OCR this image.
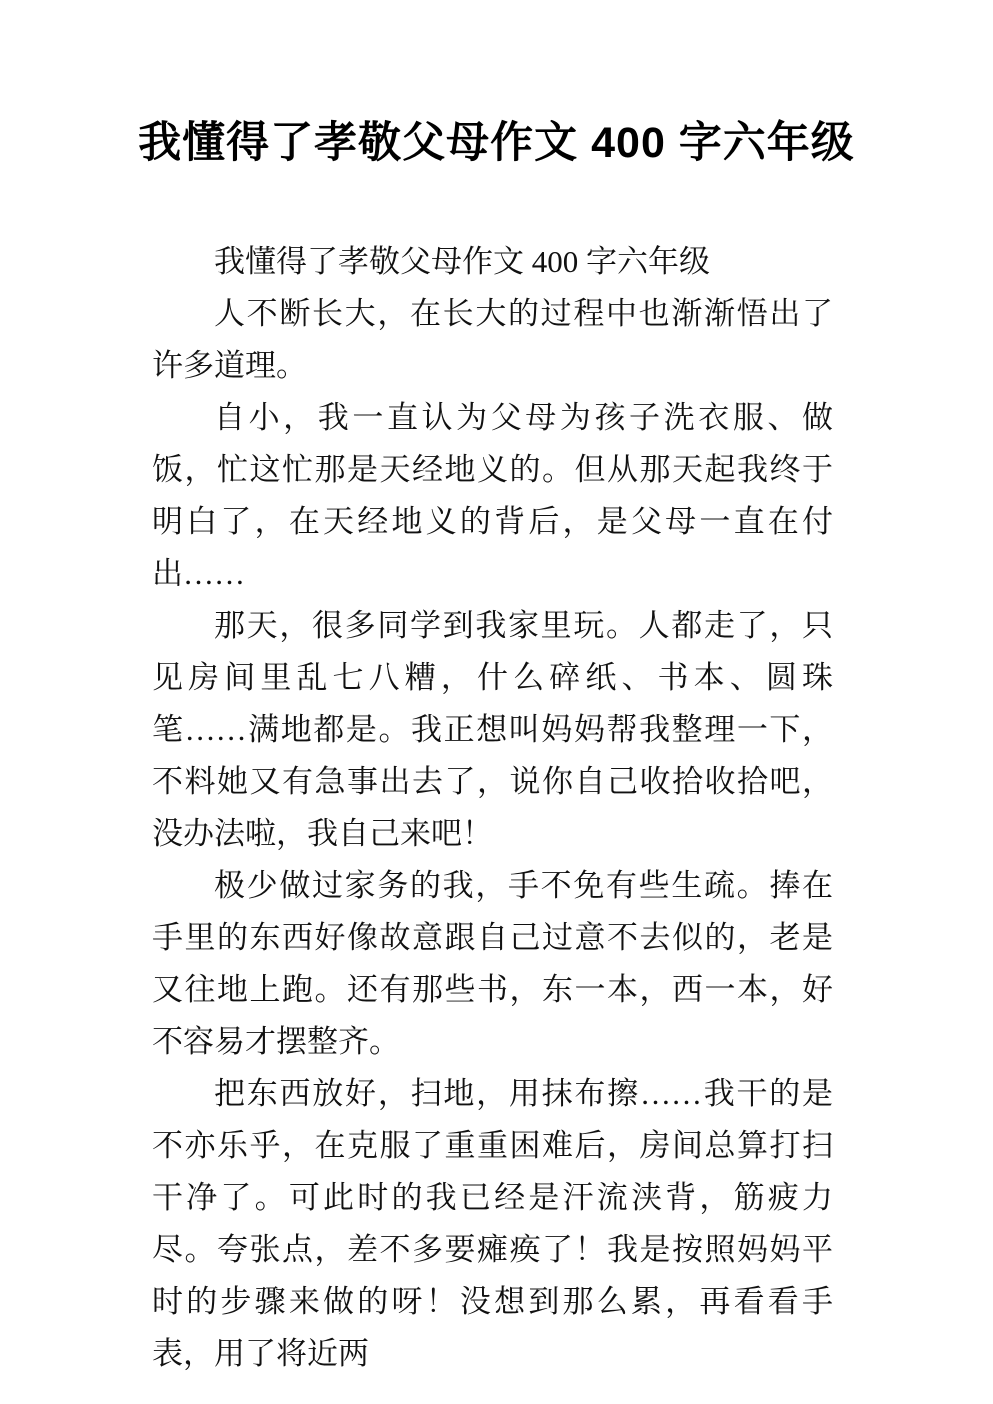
我懂得了孝敬父母作文 400 字六年级

我懂得了孝敬父母作文 400 字六年级

人不断长大，在长大的过程中也渐渐悟出了许多道理。

自小，我一直认为父母为孩子洗衣服、做饭，忙这忙那是天经地义的。但从那天起我终于明白了，在天经地义的背后，是父母一直在付出……

那天，很多同学到我家里玩。人都走了，只见房间里乱七八糟，什么碎纸、书本、圆珠笔……满地都是。我正想叫妈妈帮我整理一下，不料她又有急事出去了，说你自己收拾收拾吧，没办法啦，我自己来吧！

极少做过家务的我，手不免有些生疏。捧在手里的东西好像故意跟自己过意不去似的，老是又往地上跑。还有那些书，东一本，西一本，好不容易才摆整齐。

把东西放好，扫地，用抹布擦……我干的是不亦乐乎，在克服了重重困难后，房间总算打扫干净了。可此时的我已经是汗流浃背，筋疲力尽。夸张点，差不多要瘫痪了！我是按照妈妈平时的步骤来做的呀！没想到那么累，再看看手表，用了将近两
